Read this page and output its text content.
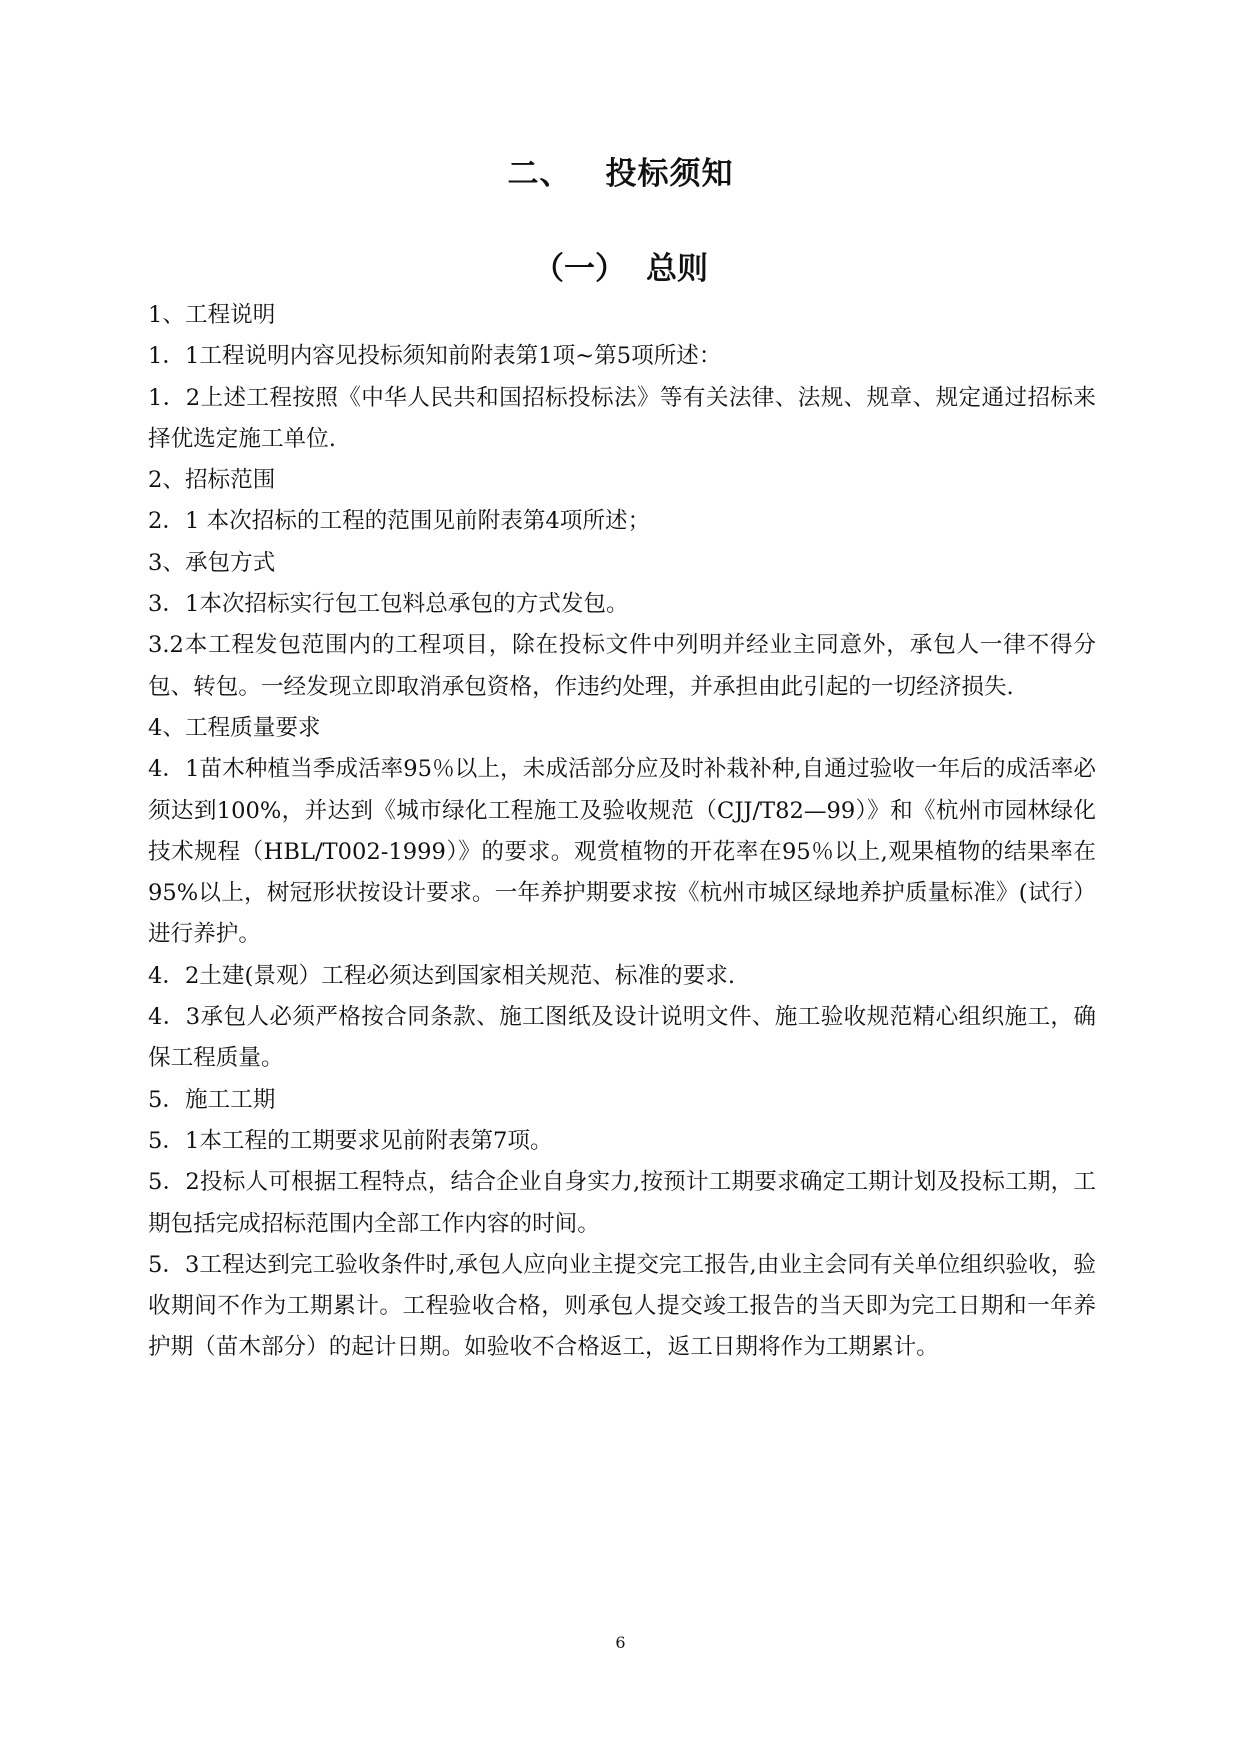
二、 投标须知
（一） 总则

1、工程说明

1．1工程说明内容见投标须知前附表第1项~第5项所述：

1．2上述工程按照《中华人民共和国招标投标法》等有关法律、法规、规章、规定通过招标来择优选定施工单位.

2、招标范围

2．1 本次招标的工程的范围见前附表第4项所述；

3、承包方式

3．1本次招标实行包工包料总承包的方式发包。

3.2本工程发包范围内的工程项目，除在投标文件中列明并经业主同意外，承包人一律不得分包、转包。一经发现立即取消承包资格，作违约处理，并承担由此引起的一切经济损失.

4、工程质量要求

4．1苗木种植当季成活率95％以上，未成活部分应及时补栽补种,自通过验收一年后的成活率必须达到100%，并达到《城市绿化工程施工及验收规范（CJJ/T82—99）》和《杭州市园林绿化技术规程（HBL/T002-1999）》的要求。观赏植物的开花率在95％以上,观果植物的结果率在95%以上，树冠形状按设计要求。一年养护期要求按《杭州市城区绿地养护质量标准》(试行）进行养护。

4．2土建(景观）工程必须达到国家相关规范、标准的要求.

4．3承包人必须严格按合同条款、施工图纸及设计说明文件、施工验收规范精心组织施工，确保工程质量。

5．施工工期

5．1本工程的工期要求见前附表第7项。

5．2投标人可根据工程特点，结合企业自身实力,按预计工期要求确定工期计划及投标工期，工期包括完成招标范围内全部工作内容的时间。

5．3工程达到完工验收条件时,承包人应向业主提交完工报告,由业主会同有关单位组织验收，验收期间不作为工期累计。工程验收合格，则承包人提交竣工报告的当天即为完工日期和一年养护期（苗木部分）的起计日期。如验收不合格返工，返工日期将作为工期累计。

6
